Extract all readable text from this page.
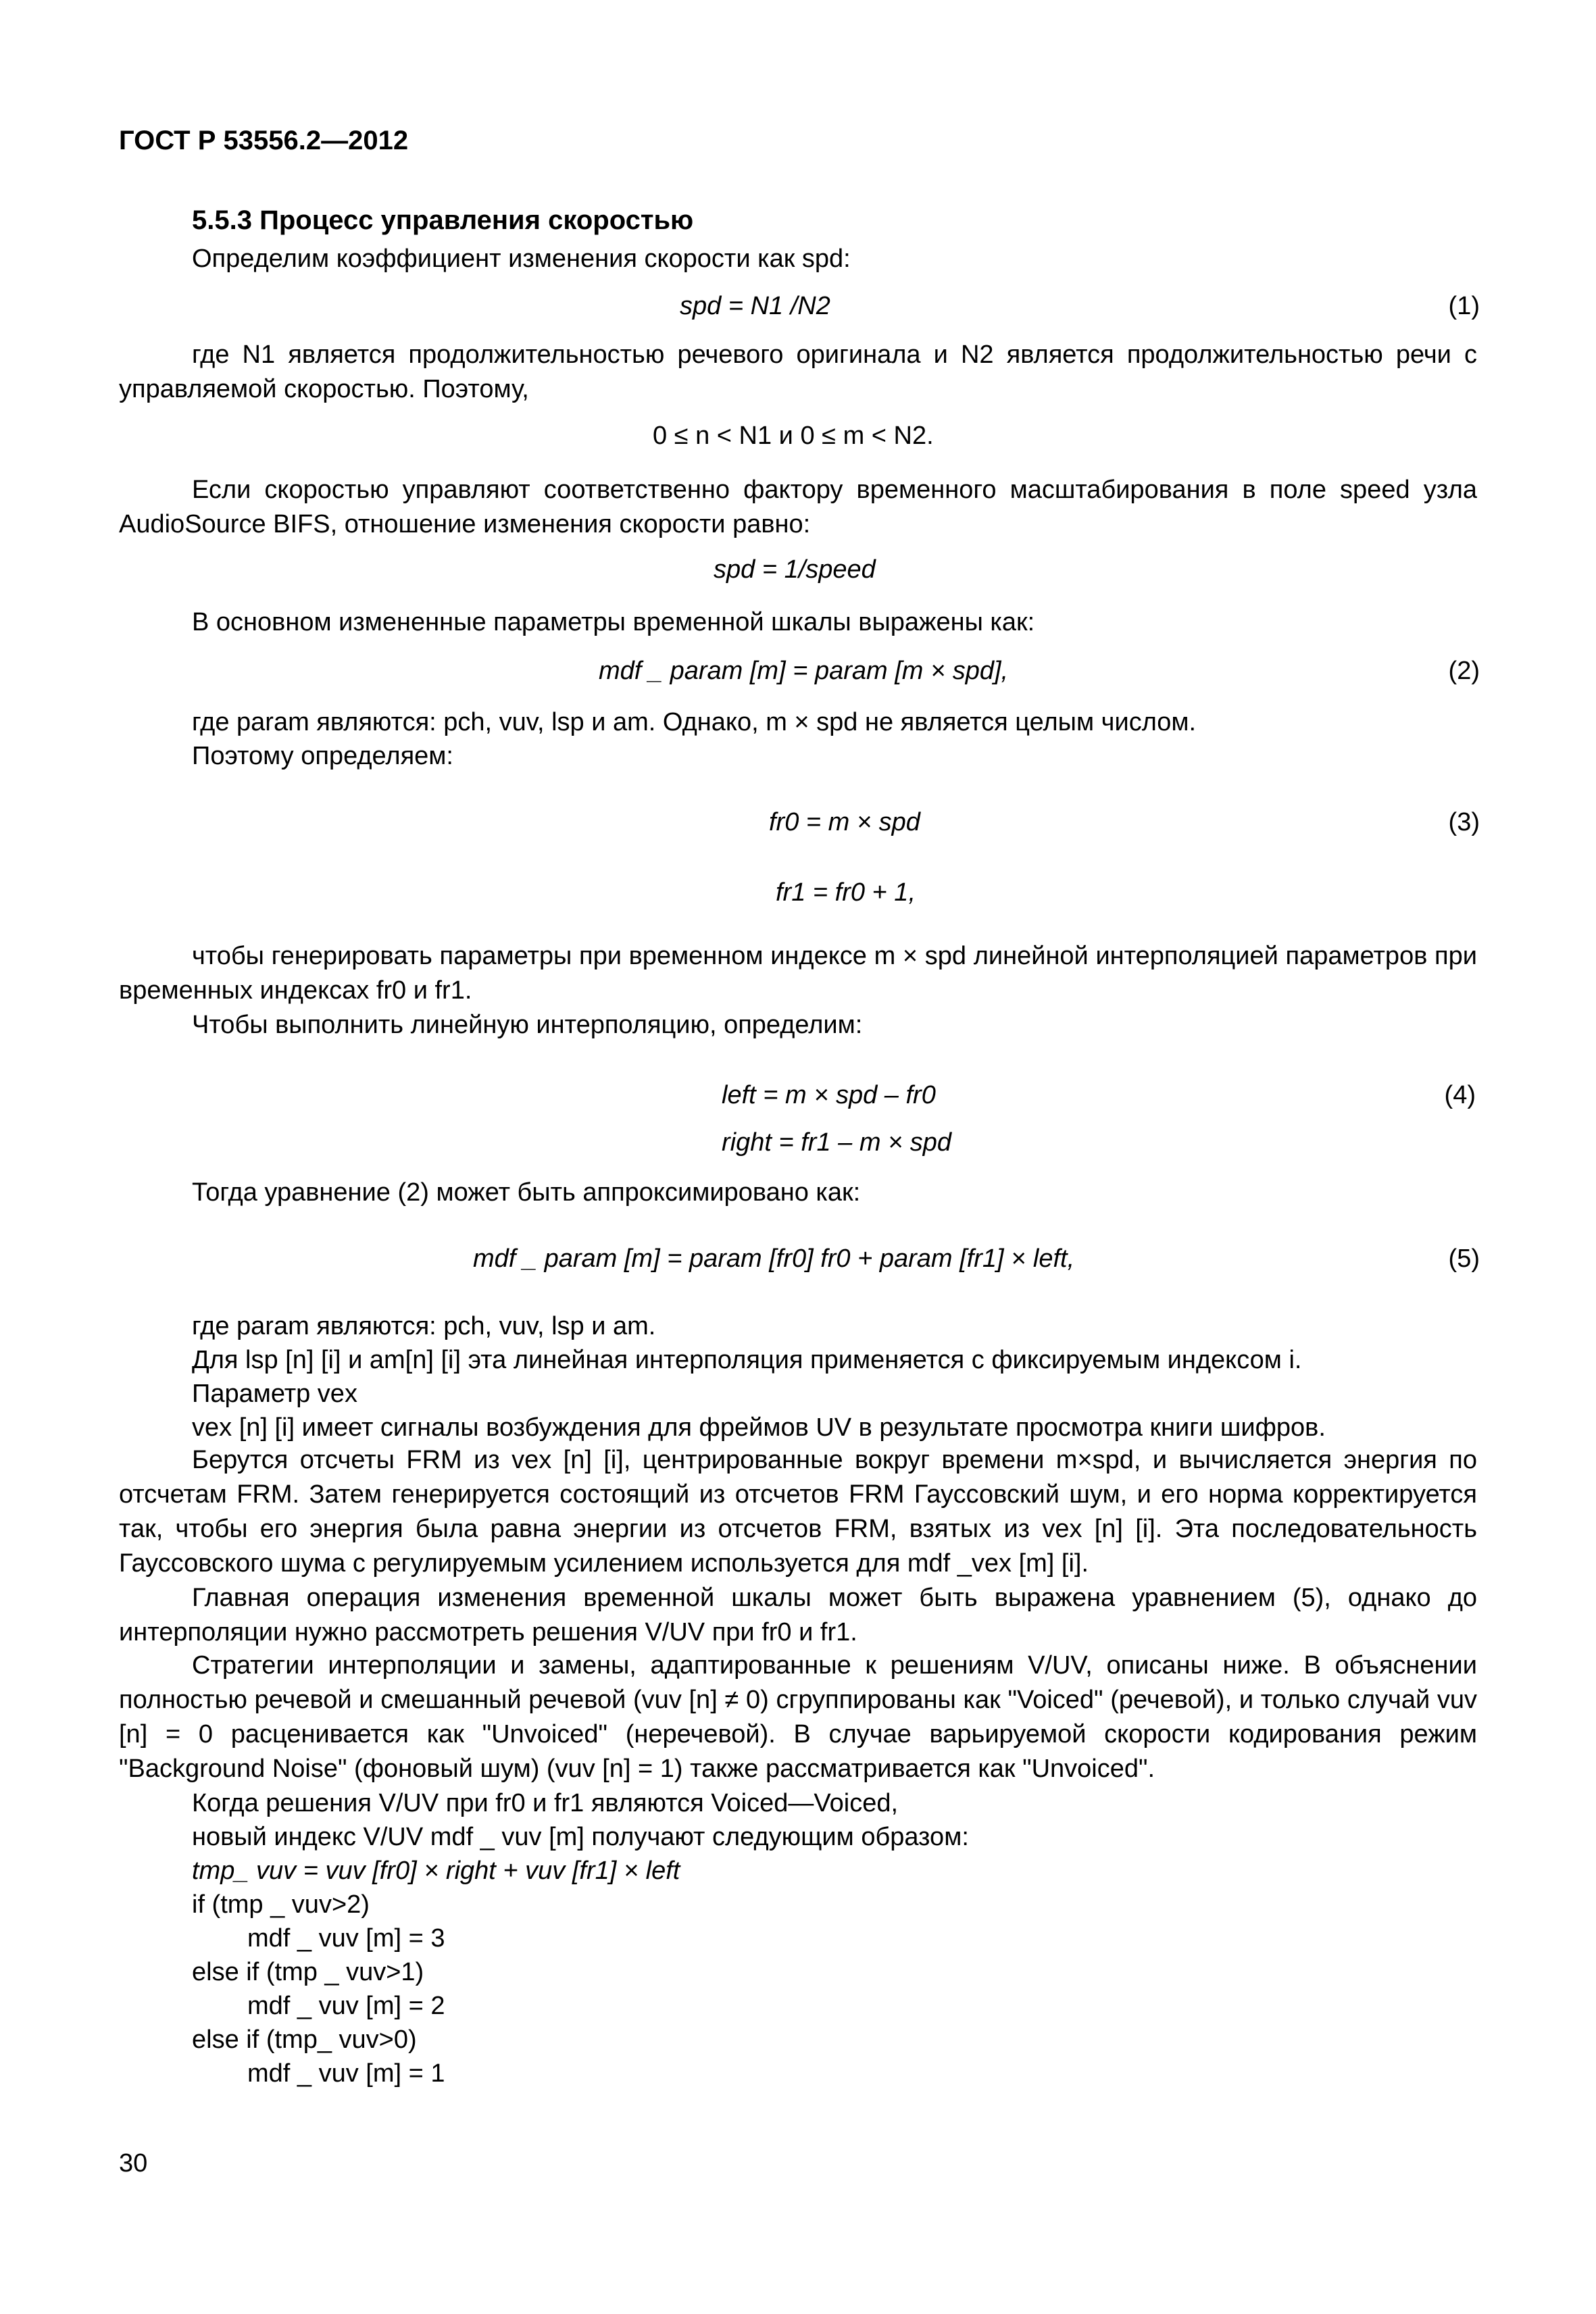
ГОСТ Р 53556.2—2012
5.5.3 Процесс управления скоростью
Определим коэффициент изменения скорости как spd:
spd = N1 /N2	(1)
где N1 является продолжительностью речевого оригинала и N2 является продолжительностью речи с управляемой скоростью. Поэтому,
0 ≤ n < N1 и 0 ≤ m < N2.
Если скоростью управляют соответственно фактору временного масштабирования в поле speed узла AudioSource BIFS, отношение изменения скорости равно:
spd = 1/speed
В основном измененные параметры временной шкалы выражены как:
mdf _ param [m] = param [m × spd],	(2)
где param являются: pch, vuv, lsp и am. Однако, m × spd не является целым числом.
Поэтому определяем:
fr0 = m × spd	(3)
fr1 = fr0 + 1,
чтобы генерировать параметры при временном индексе m × spd линейной интерполяцией параметров при временных индексах fr0 и fr1.
Чтобы выполнить линейную интерполяцию, определим:
left = m × spd – fr0	(4)
right = fr1 – m × spd
Тогда уравнение (2) может быть аппроксимировано как:
mdf _ param [m] = param [fr0] fr0 + param [fr1] × left,	(5)
где param являются: pch, vuv, lsp и am.
Для lsp [n] [i] и am[n] [i] эта линейная интерполяция применяется с фиксируемым индексом i.
Параметр vex
vex [n] [i] имеет сигналы возбуждения для фреймов UV в результате просмотра книги шифров.
Берутся отсчеты FRM из vex [n] [i], центрированные вокруг времени m×spd, и вычисляется энергия по отсчетам FRM. Затем генерируется состоящий из отсчетов FRM Гауссовский шум, и его норма корректируется так, чтобы его энергия была равна энергии из отсчетов FRM, взятых из vex [n] [i]. Эта последовательность Гауссовского шума с регулируемым усилением используется для mdf _vex [m] [i].
Главная операция изменения временной шкалы может быть выражена уравнением (5), однако до интерполяции нужно рассмотреть решения V/UV при fr0 и fr1.
Стратегии интерполяции и замены, адаптированные к решениям V/UV, описаны ниже. В объяснении полностью речевой и смешанный речевой (vuv [n] ≠ 0) сгруппированы как "Voiced" (речевой), и только случай vuv [n] = 0 расценивается как "Unvoiced" (неречевой). В случае варьируемой скорости кодирования режим "Background Noise" (фоновый шум) (vuv [n] = 1) также рассматривается как "Unvoiced".
Когда решения V/UV при fr0 и fr1 являются Voiced—Voiced,
новый индекс V/UV mdf _ vuv [m] получают следующим образом:
tmp_ vuv = vuv [fr0] × right + vuv [fr1] × left
if (tmp _ vuv>2)
mdf _ vuv [m] = 3
else if (tmp _ vuv>1)
mdf _ vuv [m] = 2
else if (tmp_ vuv>0)
mdf _ vuv [m] = 1
30
